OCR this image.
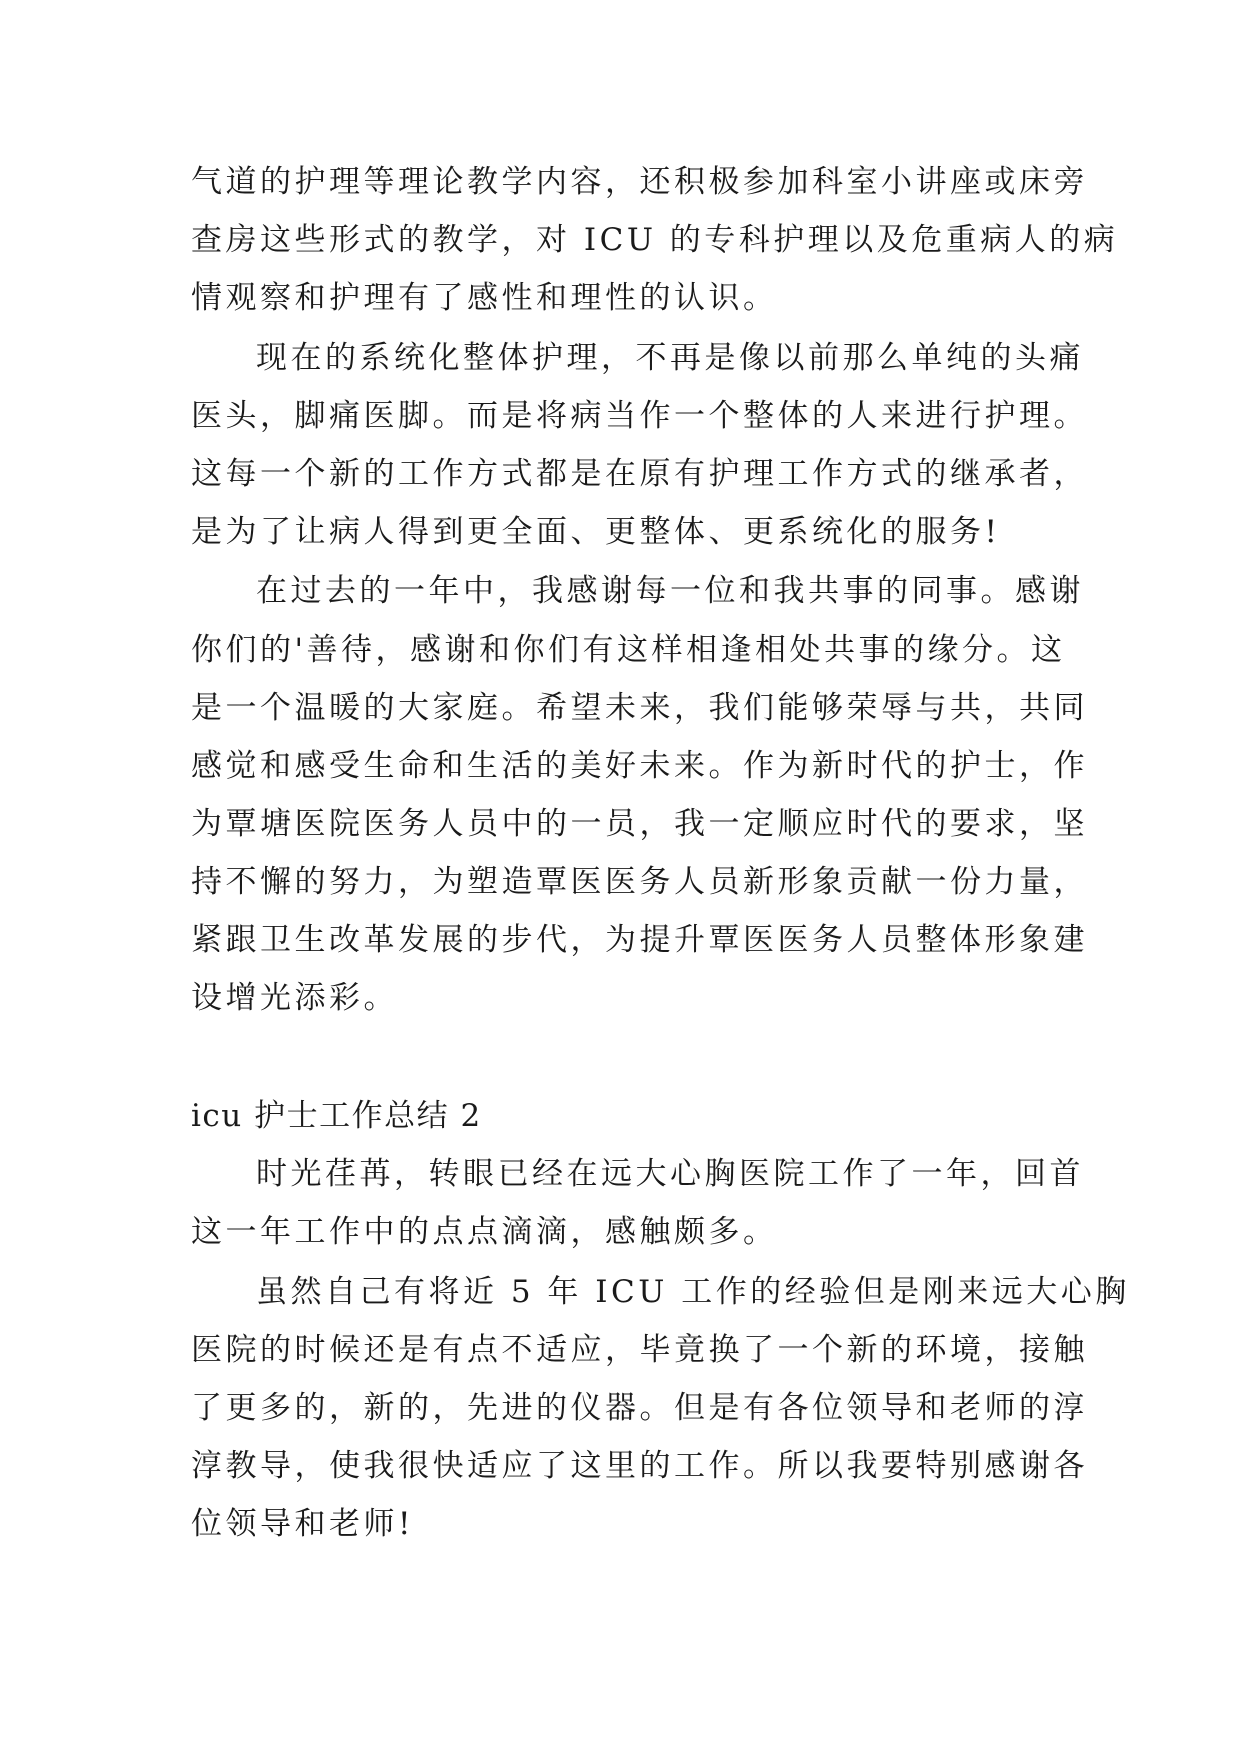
气道的护理等理论教学内容，还积极参加科室小讲座或床旁
查房这些形式的教学，对 ICU 的专科护理以及危重病人的病
情观察和护理有了感性和理性的认识。
现在的系统化整体护理，不再是像以前那么单纯的头痛
医头，脚痛医脚。而是将病当作一个整体的人来进行护理。
这每一个新的工作方式都是在原有护理工作方式的继承者，
是为了让病人得到更全面、更整体、更系统化的服务!
在过去的一年中，我感谢每一位和我共事的同事。感谢
你们的'善待，感谢和你们有这样相逢相处共事的缘分。这
是一个温暖的大家庭。希望未来，我们能够荣辱与共，共同
感觉和感受生命和生活的美好未来。作为新时代的护士，作
为覃塘医院医务人员中的一员，我一定顺应时代的要求，坚
持不懈的努力，为塑造覃医医务人员新形象贡献一份力量，
紧跟卫生改革发展的步代，为提升覃医医务人员整体形象建
设增光添彩。
icu 护士工作总结 2
时光荏苒，转眼已经在远大心胸医院工作了一年，回首
这一年工作中的点点滴滴，感触颇多。
虽然自己有将近 5 年 ICU 工作的经验但是刚来远大心胸
医院的时候还是有点不适应，毕竟换了一个新的环境，接触
了更多的，新的，先进的仪器。但是有各位领导和老师的淳
淳教导，使我很快适应了这里的工作。所以我要特别感谢各
位领导和老师!
